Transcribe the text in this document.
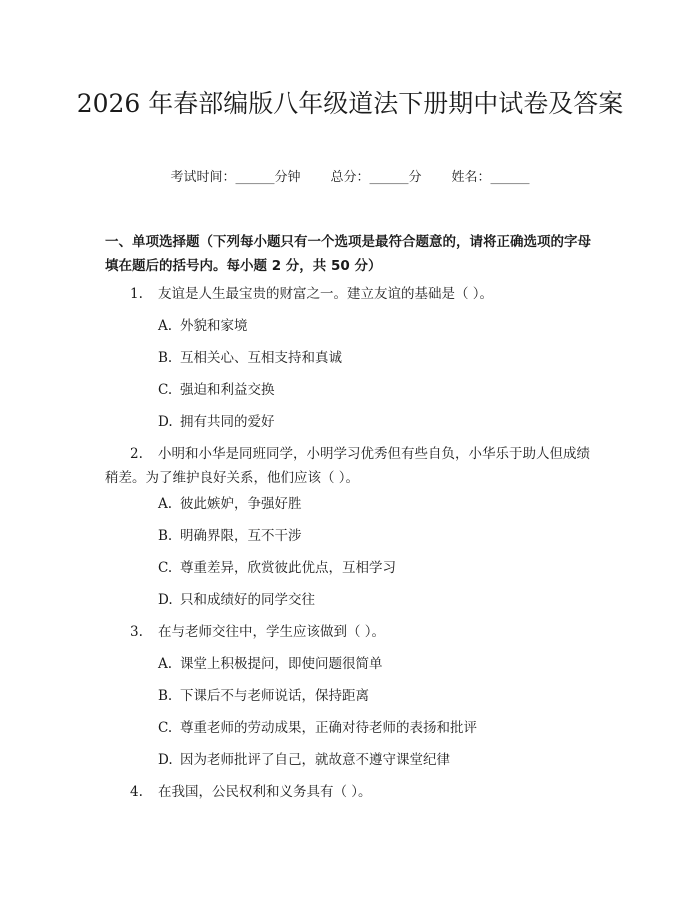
2026 年春部编版八年级道法下册期中试卷及答案
考试时间：______分钟 总分：______分 姓名：______
一、单项选择题（下列每小题只有一个选项是最符合题意的，请将正确选项的字母填在题后的括号内。每小题 2 分，共 50 分）
1. 友谊是人生最宝贵的财富之一。建立友谊的基础是（ ）。
A. 外貌和家境
B. 互相关心、互相支持和真诚
C. 强迫和利益交换
D. 拥有共同的爱好
2. 小明和小华是同班同学，小明学习优秀但有些自负，小华乐于助人但成绩稍差。为了维护良好关系，他们应该（ ）。
A. 彼此嫉妒，争强好胜
B. 明确界限，互不干涉
C. 尊重差异，欣赏彼此优点，互相学习
D. 只和成绩好的同学交往
3. 在与老师交往中，学生应该做到（ ）。
A. 课堂上积极提问，即使问题很简单
B. 下课后不与老师说话，保持距离
C. 尊重老师的劳动成果，正确对待老师的表扬和批评
D. 因为老师批评了自己，就故意不遵守课堂纪律
4. 在我国，公民权利和义务具有（ ）。
